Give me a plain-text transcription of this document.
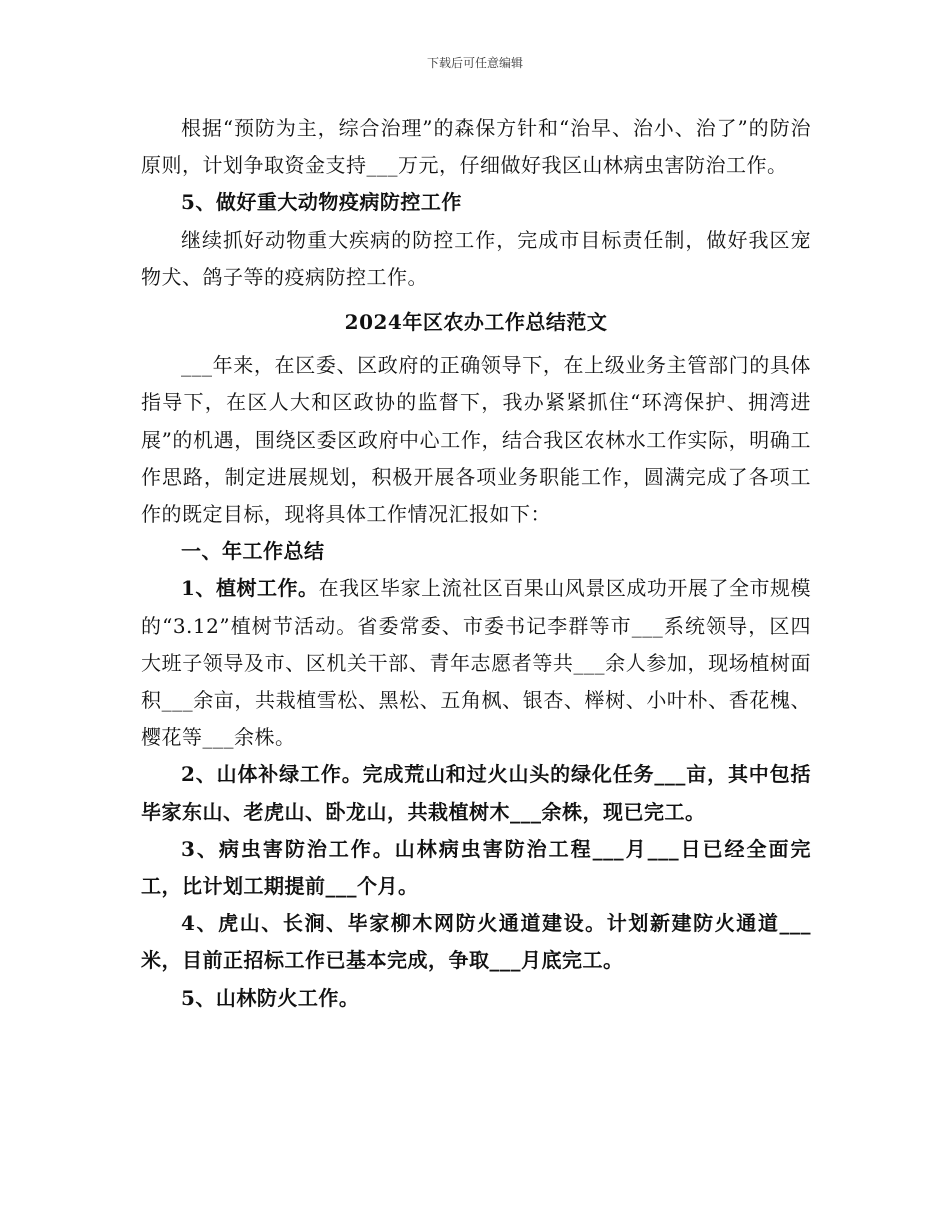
下载后可任意编辑

根据“预防为主，综合治理”的森保方针和“治早、治小、治了”的防治原则，计划争取资金支持___万元，仔细做好我区山林病虫害防治工作。

5、做好重大动物疫病防控工作

继续抓好动物重大疾病的防控工作，完成市目标责任制，做好我区宠物犬、鸽子等的疫病防控工作。

2024年区农办工作总结范文

___年来，在区委、区政府的正确领导下，在上级业务主管部门的具体指导下，在区人大和区政协的监督下，我办紧紧抓住“环湾保护、拥湾进展”的机遇，围绕区委区政府中心工作，结合我区农林水工作实际，明确工作思路，制定进展规划，积极开展各项业务职能工作，圆满完成了各项工作的既定目标，现将具体工作情况汇报如下：

一、年工作总结

1、植树工作。在我区毕家上流社区百果山风景区成功开展了全市规模的“3.12”植树节活动。省委常委、市委书记李群等市___系统领导，区四大班子领导及市、区机关干部、青年志愿者等共___余人参加，现场植树面积___余亩，共栽植雪松、黑松、五角枫、银杏、榉树、小叶朴、香花槐、樱花等___余株。

2、山体补绿工作。完成荒山和过火山头的绿化任务___亩，其中包括毕家东山、老虎山、卧龙山，共栽植树木___余株，现已完工。

3、病虫害防治工作。山林病虫害防治工程___月___日已经全面完工，比计划工期提前___个月。

4、虎山、长涧、毕家柳木网防火通道建设。计划新建防火通道___米，目前正招标工作已基本完成，争取___月底完工。

5、山林防火工作。
